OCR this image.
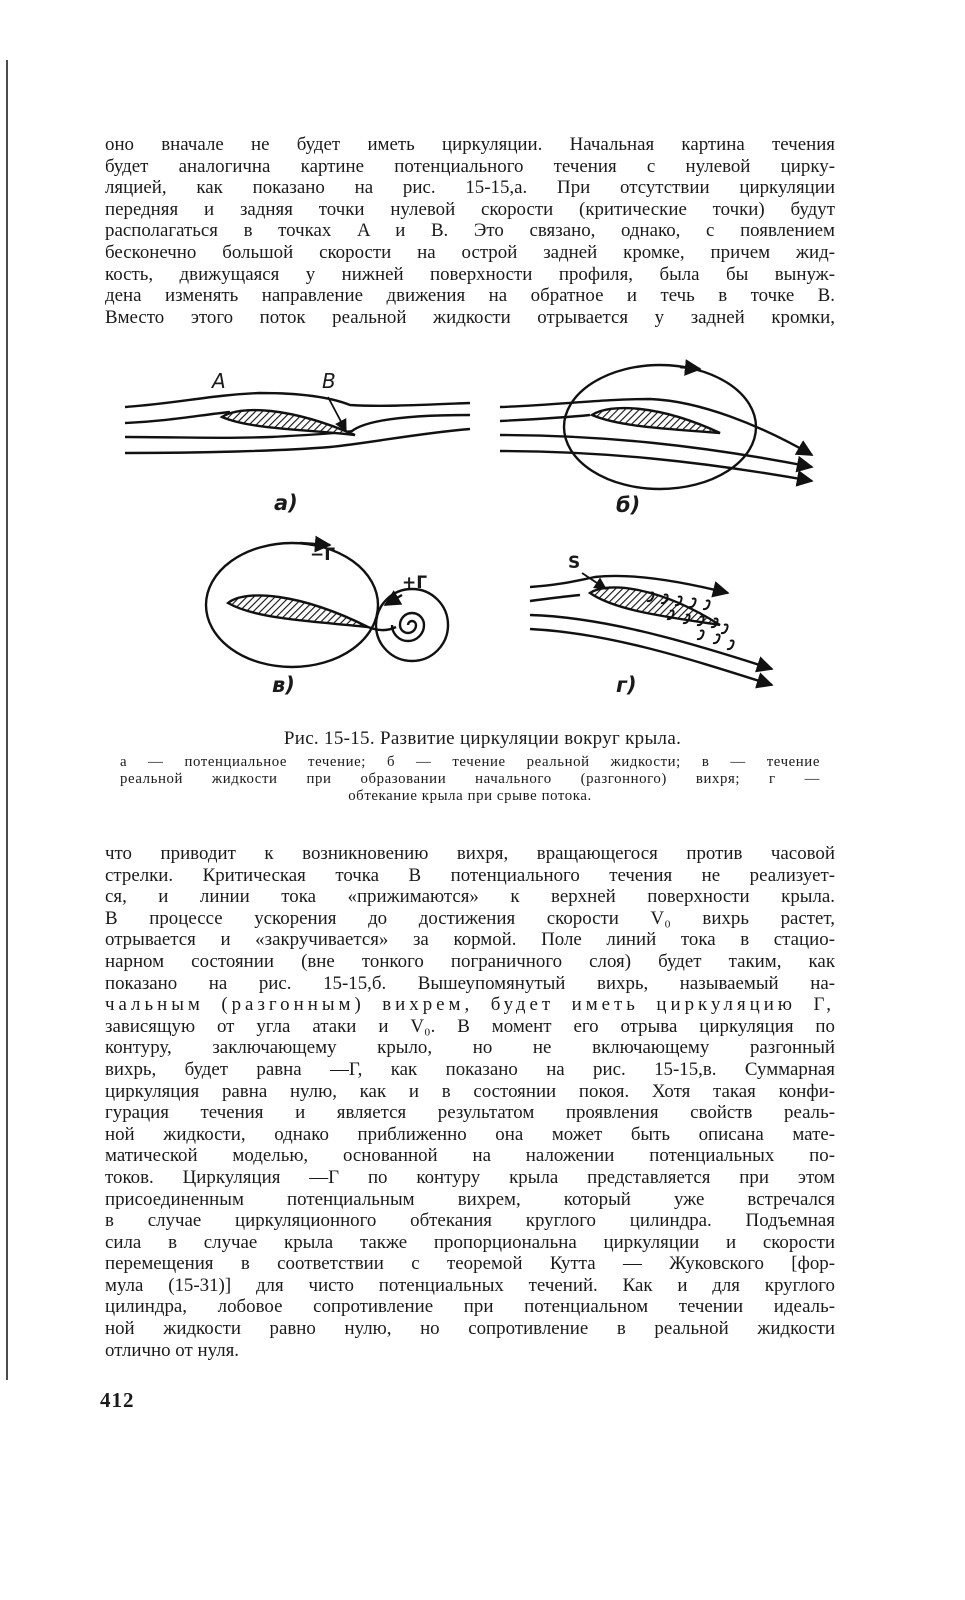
оно вначале не будет иметь циркуляции. Начальная картина течения
будет аналогична картине потенциального течения с нулевой цирку-
ляцией, как показано на рис. 15-15,а. При отсутствии циркуляции
передняя и задняя точки нулевой скорости (критические точки) будут
располагаться в точках A и B. Это связано, однако, с появлением
бесконечно большой скорости на острой задней кромке, причем жид-
кость, движущаяся у нижней поверхности профиля, была бы вынуж-
дена изменять направление движения на обратное и течь в точке B.
Вместо этого поток реальной жидкости отрывается у задней кромки,
A	B
−Г
+Г
S
а)	б)
в)	г)
Рис. 15-15. Развитие циркуляции вокруг крыла.
а — потенциальное течение; б — течение реальной жидкости; в — течение
реальной жидкости при образовании начального (разгонного) вихря; г —
обтекание крыла при срыве потока.
что приводит к возникновению вихря, вращающегося против часовой
стрелки. Критическая точка B потенциального течения не реализует-
ся, и линии тока «прижимаются» к верхней поверхности крыла.
В процессе ускорения до достижения скорости V₀ вихрь растет,
отрывается и «закручивается» за кормой. Поле линий тока в стацио-
нарном состоянии (вне тонкого пограничного слоя) будет таким, как
показано на рис. 15-15,б. Вышеупомянутый вихрь, называемый на-
чальным (разгонным) вихрем, будет иметь циркуляцию Г,
зависящую от угла атаки и V₀. В момент его отрыва циркуляция по
контуру, заключающему крыло, но не включающему разгонный
вихрь, будет равна —Г, как показано на рис. 15-15,в. Суммарная
циркуляция равна нулю, как и в состоянии покоя. Хотя такая конфи-
гурация течения и является результатом проявления свойств реаль-
ной жидкости, однако приближенно она может быть описана мате-
матической моделью, основанной на наложении потенциальных по-
токов. Циркуляция —Г по контуру крыла представляется при этом
присоединенным потенциальным вихрем, который уже встречался
в случае циркуляционного обтекания круглого цилиндра. Подъемная
сила в случае крыла также пропорциональна циркуляции и скорости
перемещения в соответствии с теоремой Кутта — Жуковского [фор-
мула (15-31)] для чисто потенциальных течений. Как и для круглого
цилиндра, лобовое сопротивление при потенциальном течении идеаль-
ной жидкости равно нулю, но сопротивление в реальной жидкости
отлично от нуля.
412
